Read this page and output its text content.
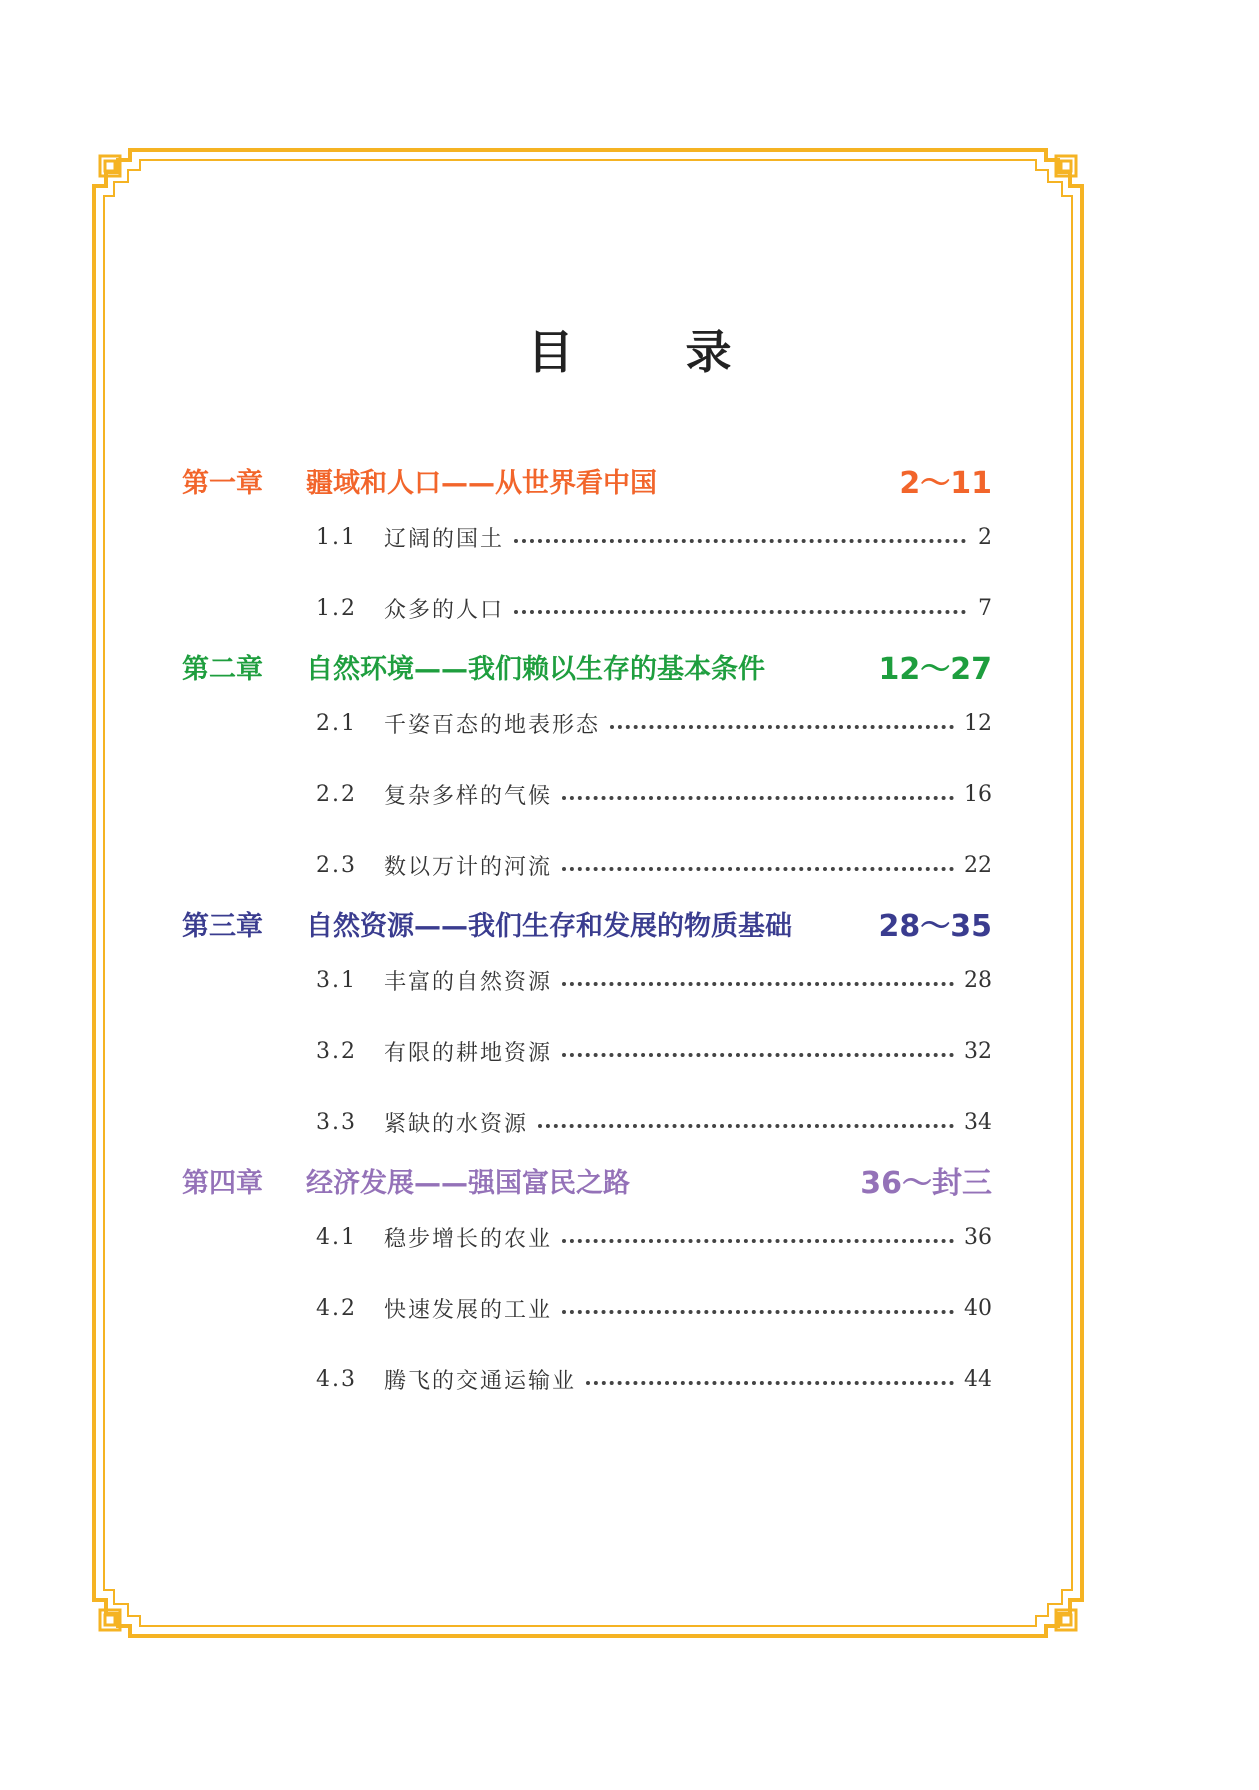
目 录
第一章	疆域和人口——从世界看中国	2～11
1.1	辽阔的国土	2
1.2	众多的人口	7
第二章	自然环境——我们赖以生存的基本条件	12～27
2.1	千姿百态的地表形态	12
2.2	复杂多样的气候	16
2.3	数以万计的河流	22
第三章	自然资源——我们生存和发展的物质基础	28～35
3.1	丰富的自然资源	28
3.2	有限的耕地资源	32
3.3	紧缺的水资源	34
第四章	经济发展——强国富民之路	36～封三
4.1	稳步增长的农业	36
4.2	快速发展的工业	40
4.3	腾飞的交通运输业	44
